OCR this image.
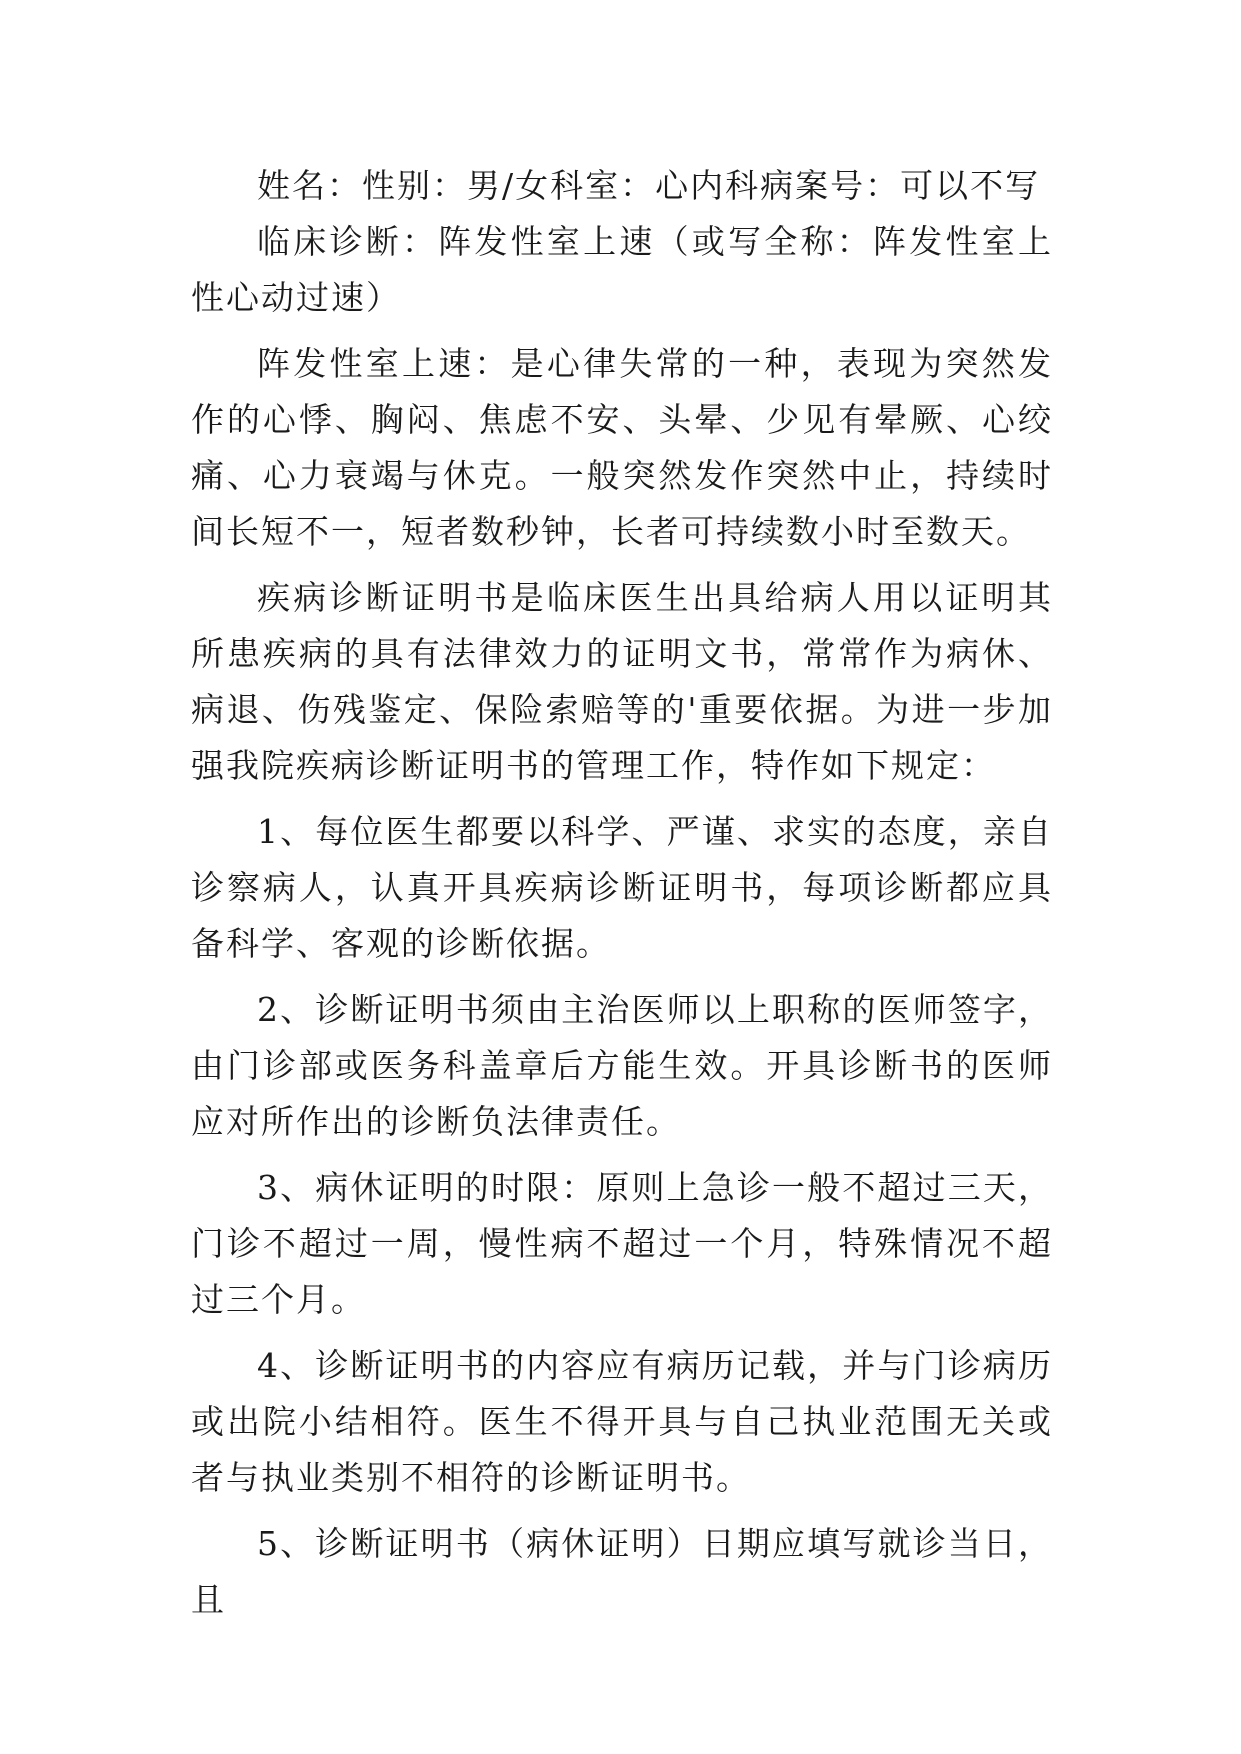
姓名：性别：男/女科室：心内科病案号：可以不写

临床诊断：阵发性室上速（或写全称：阵发性室上性心动过速）

阵发性室上速：是心律失常的一种，表现为突然发作的心悸、胸闷、焦虑不安、头晕、少见有晕厥、心绞痛、心力衰竭与休克。一般突然发作突然中止，持续时间长短不一，短者数秒钟，长者可持续数小时至数天。

疾病诊断证明书是临床医生出具给病人用以证明其所患疾病的具有法律效力的证明文书，常常作为病休、病退、伤残鉴定、保险索赔等的'重要依据。为进一步加强我院疾病诊断证明书的管理工作，特作如下规定：

1、每位医生都要以科学、严谨、求实的态度，亲自诊察病人，认真开具疾病诊断证明书，每项诊断都应具备科学、客观的诊断依据。

2、诊断证明书须由主治医师以上职称的医师签字，由门诊部或医务科盖章后方能生效。开具诊断书的医师应对所作出的诊断负法律责任。

3、病休证明的时限：原则上急诊一般不超过三天，门诊不超过一周，慢性病不超过一个月，特殊情况不超过三个月。

4、诊断证明书的内容应有病历记载，并与门诊病历或出院小结相符。医生不得开具与自己执业范围无关或者与执业类别不相符的诊断证明书。

5、诊断证明书（病休证明）日期应填写就诊当日，且
